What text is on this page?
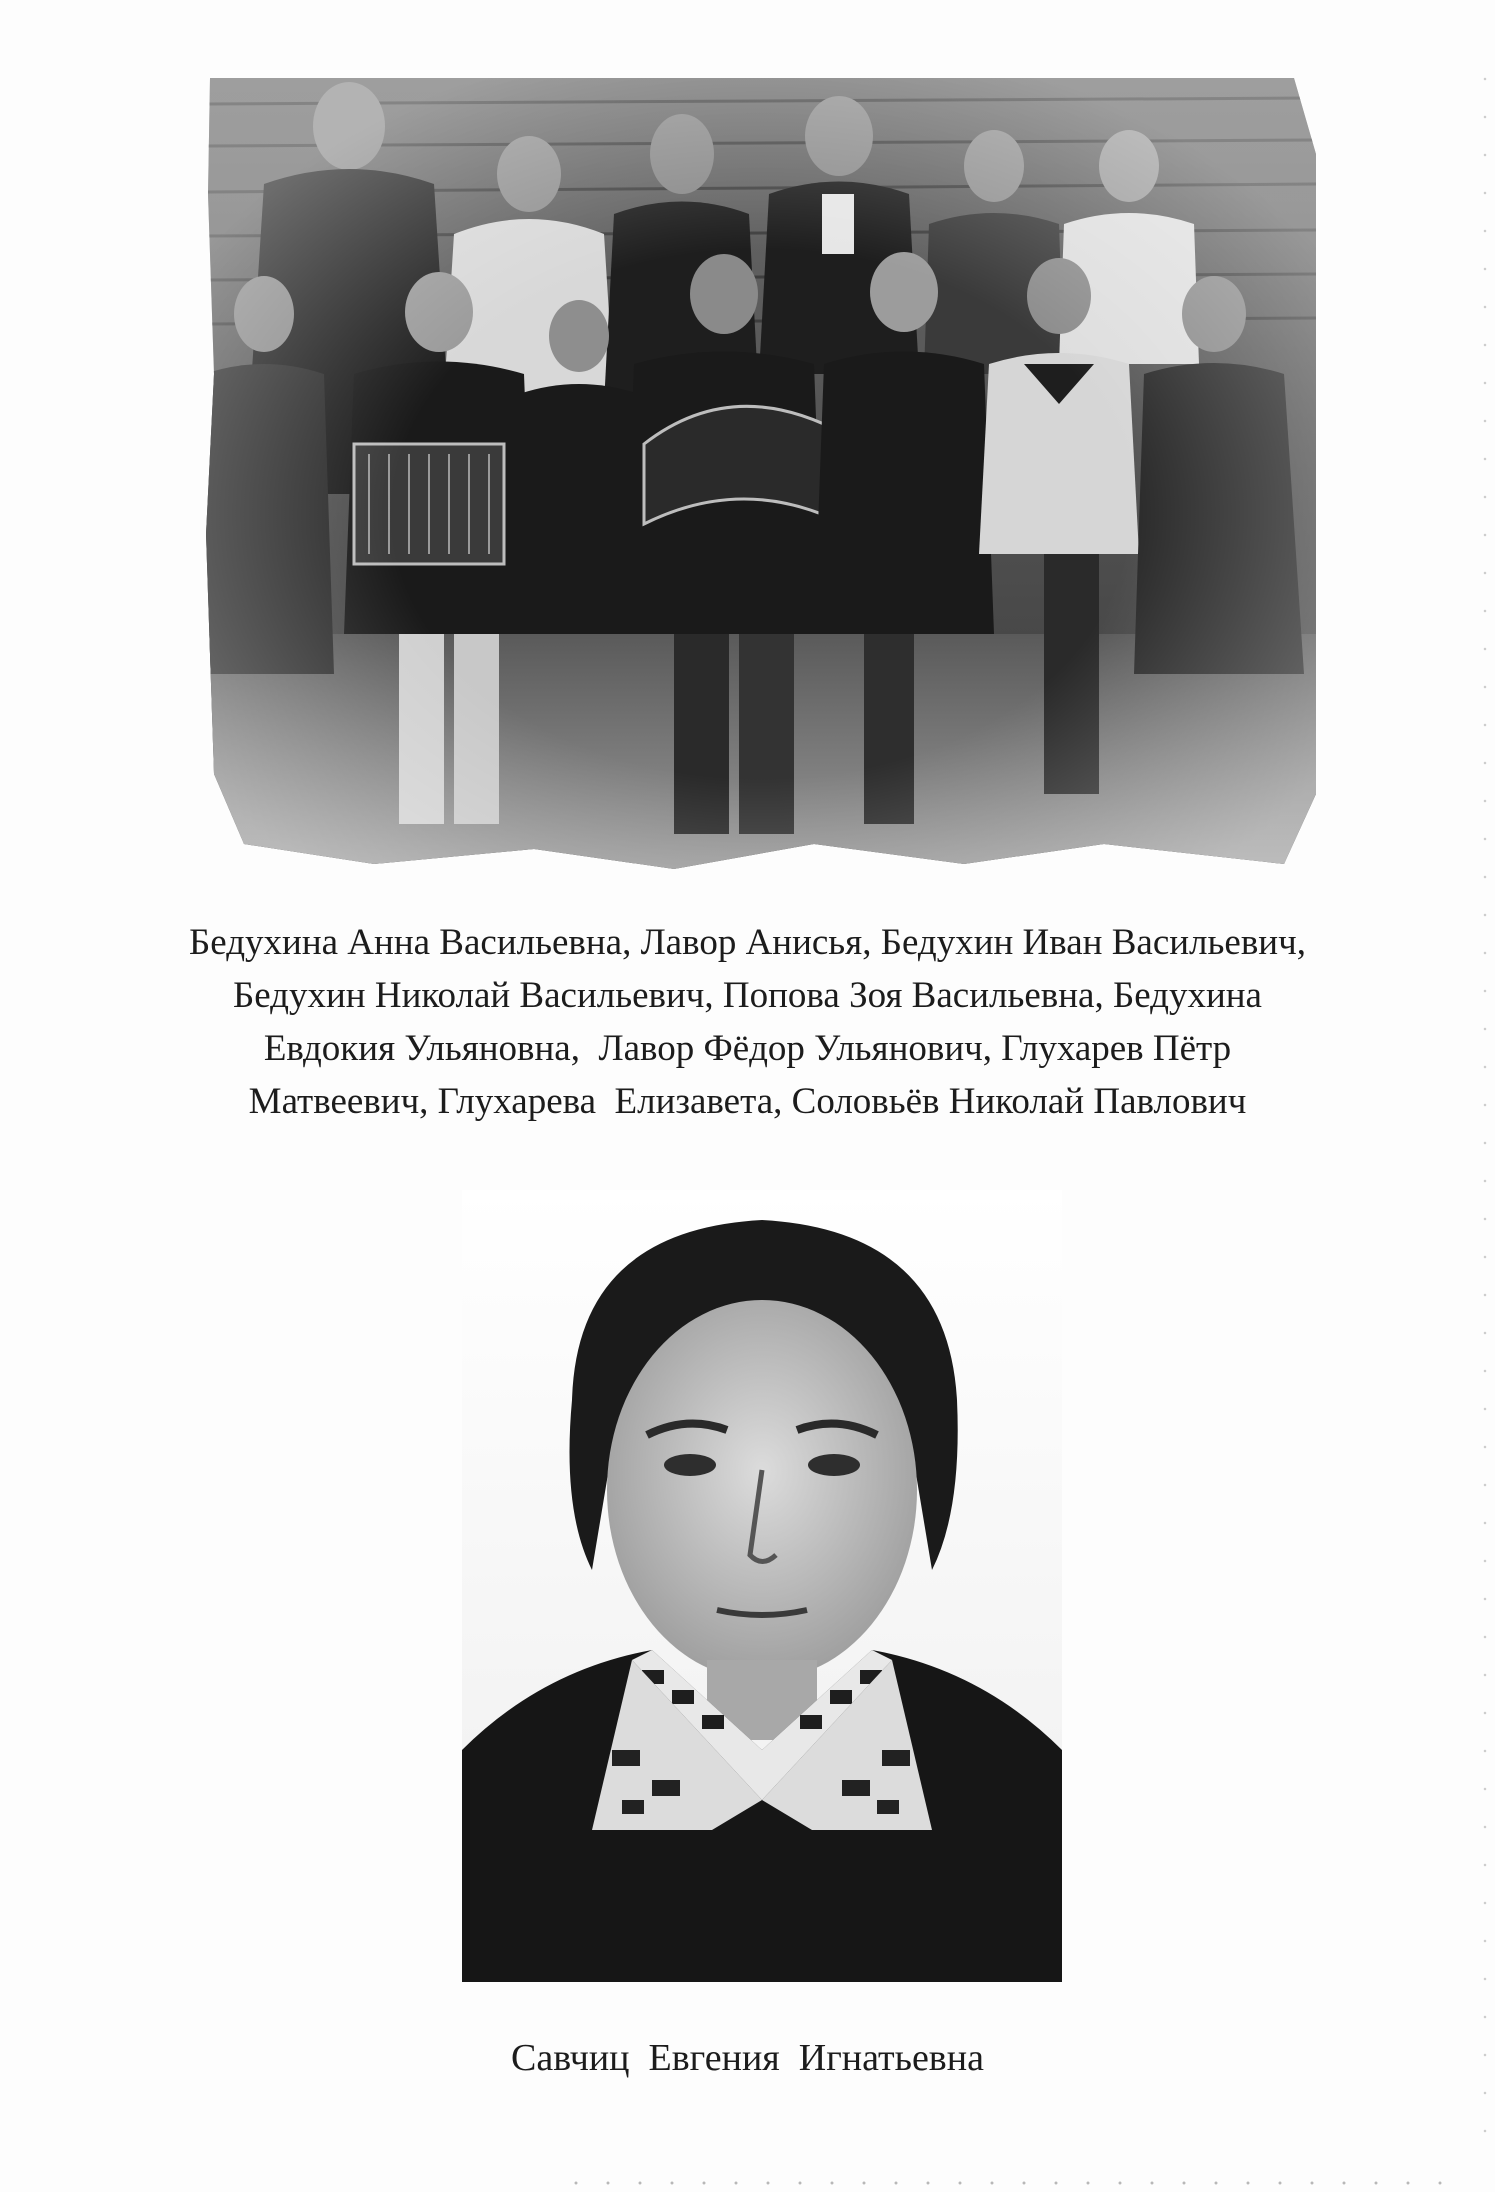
Бедухина Анна Васильевна, Лавор Анисья, Бедухин Иван Васильевич,
Бедухин Николай Васильевич, Попова Зоя Васильевна, Бедухина
Евдокия Ульяновна,  Лавор Фёдор Ульянович, Глухарев Пётр
Матвеевич, Глухарева  Елизавета, Соловьёв Николай Павлович
Савчиц  Евгения  Игнатьевна
